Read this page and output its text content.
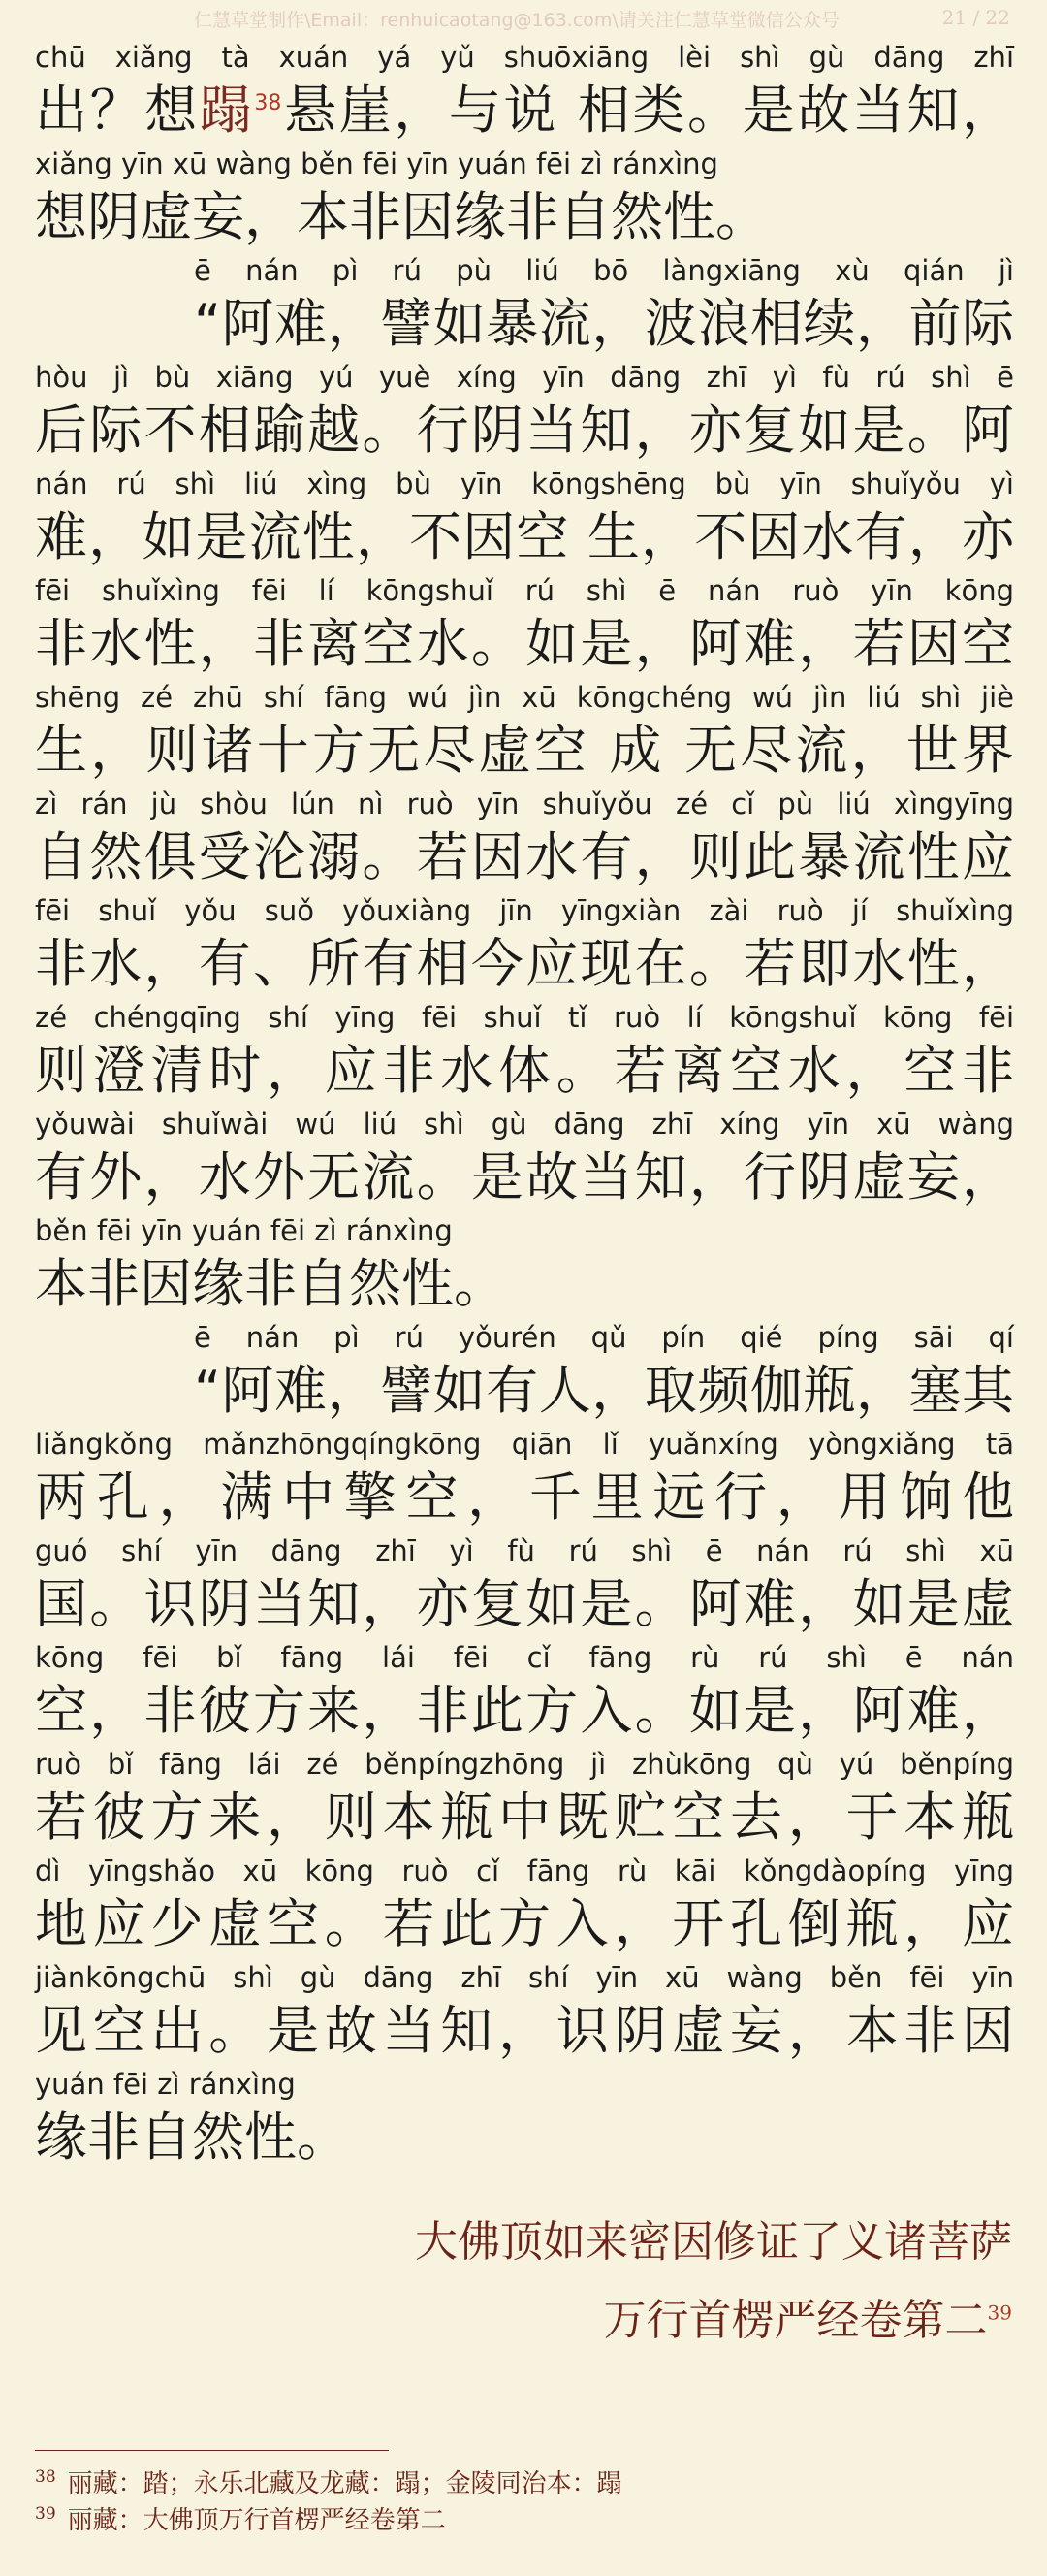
仁慧草堂制作\Email：renhuicaotang@163.com\请关注仁慧草堂微信公众号	21 / 22
chū xiǎng tà xuán yá yǔ shuōxiāng lèi shì gù dāng zhī
出？想蹋$^{38}$悬崖，与说 相类。是故当知，
xiǎng yīn xū wàng běn fēi yīn yuán fēi zì ránxìng
想阴虚妄，本非因缘非自然性。
ē nán pì rú pù liú bō làngxiāng xù qián jì
“阿难，譬如暴流，波浪相续，前际
hòu jì bù xiāng yú yuè xíng yīn dāng zhī yì fù rú shì ē
后际不相踰越。行阴当知，亦复如是。阿
nán rú shì liú xìng bù yīn kōngshēng bù yīn shuǐyǒu yì
难，如是流性，不因空 生，不因水有，亦
fēi shuǐxìng fēi lí kōngshuǐ rú shì ē nán ruò yīn kōng
非水性，非离空水。如是，阿难，若因空
shēng zé zhū shí fāng wú jìn xū kōngchéng wú jìn liú shì jiè
生，则诸十方无尽虚空 成 无尽流，世界
zì rán jù shòu lún nì ruò yīn shuǐyǒu zé cǐ pù liú xìngyīng
自然俱受沦溺。若因水有，则此暴流性应
fēi shuǐ yǒu suǒ yǒuxiàng jīn yīngxiàn zài ruò jí shuǐxìng
非水，有、所有相今应现在。若即水性，
zé chéngqīng shí yīng fēi shuǐ tǐ ruò lí kōngshuǐ kōng fēi
则澄清时，应非水体。若离空水，空非
yǒuwài shuǐwài wú liú shì gù dāng zhī xíng yīn xū wàng
有外，水外无流。是故当知，行阴虚妄，
běn fēi yīn yuán fēi zì ránxìng
本非因缘非自然性。
ē nán pì rú yǒurén qǔ pín qié píng sāi qí
“阿难，譬如有人，取频伽瓶，塞其
liǎngkǒng mǎnzhōngqíngkōng qiān lǐ yuǎnxíng yòngxiǎng tā
两孔，满中擎空，千里远行，用饷他
guó shí yīn dāng zhī yì fù rú shì ē nán rú shì xū
国。识阴当知，亦复如是。阿难，如是虚
kōng fēi bǐ fāng lái fēi cǐ fāng rù rú shì ē nán
空，非彼方来，非此方入。如是，阿难，
ruò bǐ fāng lái zé běnpíngzhōng jì zhùkōng qù yú běnpíng
若彼方来，则本瓶中既贮空去，于本瓶
dì yīngshǎo xū kōng ruò cǐ fāng rù kāi kǒngdàopíng yīng
地应少虚空。若此方入，开孔倒瓶，应
jiànkōngchū shì gù dāng zhī shí yīn xū wàng běn fēi yīn
见空出。是故当知，识阴虚妄，本非因
yuán fēi zì ránxìng
缘非自然性。
大佛顶如来密因修证了义诸菩萨
万行首楞严经卷第二$^{39}$
$^{38}$ 丽藏：踏；永乐北藏及龙藏：蹋；金陵同治本：蹋
$^{39}$ 丽藏：大佛顶万行首楞严经卷第二
